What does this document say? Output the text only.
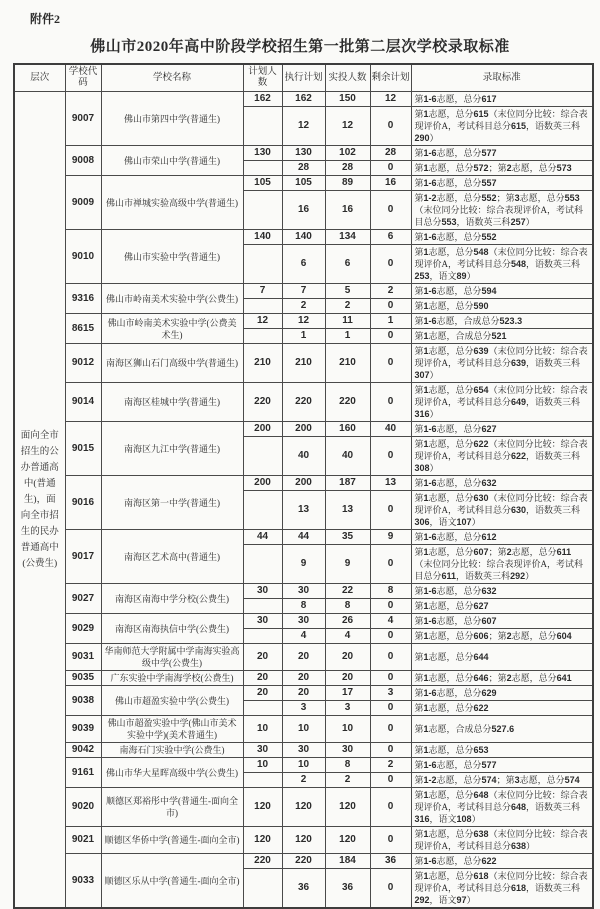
附件2
佛山市2020年高中阶段学校招生第一批第二层次学校录取标准
层次	学校代码	学校名称	计划人数	执行计划	实投人数	剩余计划	录取标准
面向全市招生的公办普通高中(普通生)，面向全市招生的民办普通高中(公费生)	9007	佛山市第四中学(普通生)	162	162	150	12	第1-6志愿，总分617
				12	12	0	第1志愿，总分615（末位同分比较：综合表现评价A，考试科目总分615，语数英三科290）
	9008	佛山市荣山中学(普通生)	130	130	102	28	第1-6志愿，总分577
				28	28	0	第1志愿，总分572；第2志愿，总分573
	9009	佛山市禅城实验高级中学(普通生)	105	105	89	16	第1-6志愿，总分557
				16	16	0	第1-2志愿，总分552；第3志愿，总分553（末位同分比较：综合表现评价A，考试科目总分553，语数英三科257）
	9010	佛山市实验中学(普通生)	140	140	134	6	第1-6志愿，总分552
				6	6	0	第1志愿，总分548（末位同分比较：综合表现评价A，考试科目总分548，语数英三科253，语文89）
	9316	佛山市岭南美术实验中学(公费生)	7	7	5	2	第1-6志愿，总分594
				2	2	0	第1志愿，总分590
	8615	佛山市岭南美术实验中学(公费美术生)	12	12	11	1	第1-6志愿，合成总分523.3
				1	1	0	第1志愿，合成总分521
	9012	南海区狮山石门高级中学(普通生)	210	210	210	0	第1志愿，总分639（末位同分比较：综合表现评价A，考试科目总分639，语数英三科307）
	9014	南海区桂城中学(普通生)	220	220	220	0	第1志愿，总分654（末位同分比较：综合表现评价A，考试科目总分649，语数英三科316）
	9015	南海区九江中学(普通生)	200	200	160	40	第1-6志愿，总分627
				40	40	0	第1志愿，总分622（末位同分比较：综合表现评价A，考试科目总分622，语数英三科308）
	9016	南海区第一中学(普通生)	200	200	187	13	第1-6志愿，总分632
				13	13	0	第1志愿，总分630（末位同分比较：综合表现评价A，考试科目总分630，语数英三科306，语文107）
	9017	南海区艺术高中(普通生)	44	44	35	9	第1-6志愿，总分612
				9	9	0	第1志愿，总分607；第2志愿，总分611（末位同分比较：综合表现评价A，考试科目总分611，语数英三科292）
	9027	南海区南海中学分校(公费生)	30	30	22	8	第1-6志愿，总分632
				8	8	0	第1志愿，总分627
	9029	南海区南海执信中学(公费生)	30	30	26	4	第1-6志愿，总分607
				4	4	0	第1志愿，总分606；第2志愿，总分604
	9031	华南师范大学附属中学南海实验高级中学(公费生)	20	20	20	0	第1志愿，总分644
	9035	广东实验中学南海学校(公费生)	20	20	20	0	第1志愿，总分646；第2志愿，总分641
	9038	佛山市超盈实验中学(公费生)	20	20	17	3	第1-6志愿，总分629
				3	3	0	第1志愿，总分622
	9039	佛山市超盈实验中学(佛山市美术实验中学)(美术普通生)	10	10	10	0	第1志愿，合成总分527.6
	9042	南海石门实验中学(公费生)	30	30	30	0	第1志愿，总分653
	9161	佛山市华大星晖高级中学(公费生)	10	10	8	2	第1-6志愿，总分577
				2	2	0	第1-2志愿，总分574；第3志愿，总分574
	9020	顺德区郑裕彤中学(普通生-面向全市)	120	120	120	0	第1志愿，总分648（末位同分比较：综合表现评价A，考试科目总分648，语数英三科316，语文108）
	9021	顺德区华侨中学(普通生-面向全市)	120	120	120	0	第1志愿，总分638（末位同分比较：综合表现评价A，考试科目总分638）
	9033	顺德区乐从中学(普通生-面向全市)	220	220	184	36	第1-6志愿，总分622
				36	36	0	第1志愿，总分618（末位同分比较：综合表现评价A，考试科目总分618，语数英三科292，语文97）
